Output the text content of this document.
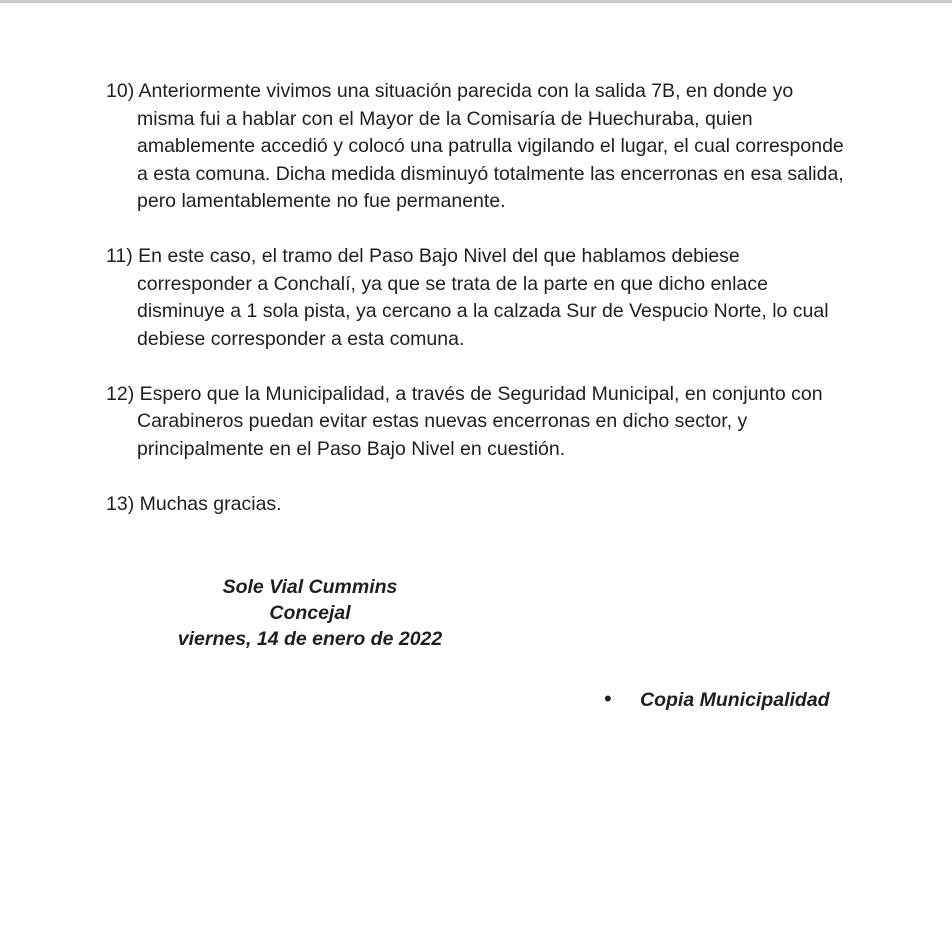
10) Anteriormente vivimos una situación parecida con la salida 7B, en donde yo misma fui a hablar con el Mayor de la Comisaría de Huechuraba, quien amablemente accedió y colocó una patrulla vigilando el lugar, el cual corresponde a esta comuna. Dicha medida disminuyó totalmente las encerronas en esa salida, pero lamentablemente no fue permanente.

11) En este caso, el tramo del Paso Bajo Nivel del que hablamos debiese corresponder a Conchalí, ya que se trata de la parte en que dicho enlace disminuye a 1 sola pista, ya cercano a la calzada Sur de Vespucio Norte, lo cual debiese corresponder a esta comuna.

12) Espero que la Municipalidad, a través de Seguridad Municipal, en conjunto con Carabineros puedan evitar estas nuevas encerronas en dicho sector, y principalmente en el Paso Bajo Nivel en cuestión.

13) Muchas gracias.

Sole Vial Cummins
Concejal
viernes, 14 de enero de 2022
• Copia Municipalidad
